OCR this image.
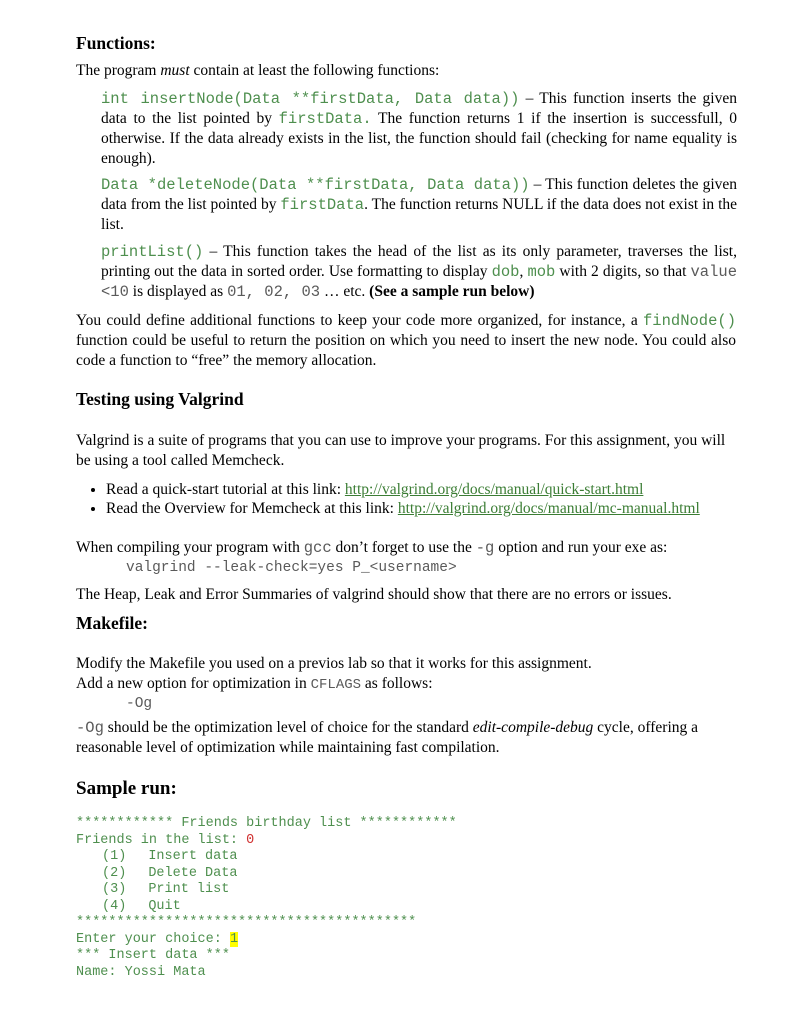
Functions:

The program must contain at least the following functions:

int insertNode(Data **firstData, Data data)) – This function inserts the given data to the list pointed by firstData. The function returns 1 if the insertion is successfull, 0 otherwise. If the data already exists in the list, the function should fail (checking for name equality is enough).

Data *deleteNode(Data **firstData, Data data)) – This function deletes the given data from the list pointed by firstData. The function returns NULL if the data does not exist in the list.

printList() – This function takes the head of the list as its only parameter, traverses the list, printing out the data in sorted order. Use formatting to display dob, mob with 2 digits, so that value <10 is displayed as 01, 02, 03 … etc. (See a sample run below)

You could define additional functions to keep your code more organized, for instance, a findNode() function could be useful to return the position on which you need to insert the new node. You could also code a function to “free” the memory allocation.

Testing using Valgrind

Valgrind is a suite of programs that you can use to improve your programs. For this assignment, you will be using a tool called Memcheck.

• Read a quick-start tutorial at this link: http://valgrind.org/docs/manual/quick-start.html
• Read the Overview for Memcheck at this link: http://valgrind.org/docs/manual/mc-manual.html

When compiling your program with gcc don’t forget to use the -g option and run your exe as:

valgrind --leak-check=yes P_<username>

The Heap, Leak and Error Summaries of valgrind should show that there are no errors or issues.

Makefile:

Modify the Makefile you used on a previos lab so that it works for this assignment.

Add a new option for optimization in CFLAGS as follows:

-Og

-Og should be the optimization level of choice for the standard edit-compile-debug cycle, offering a reasonable level of optimization while maintaining fast compilation.

Sample run:

************ Friends birthday list ************

Friends in the list: 0

(1) Insert data

(2) Delete Data

(3) Print list

(4) Quit

******************************************

Enter your choice: 1

*** Insert data ***

Name: Yossi Mata
